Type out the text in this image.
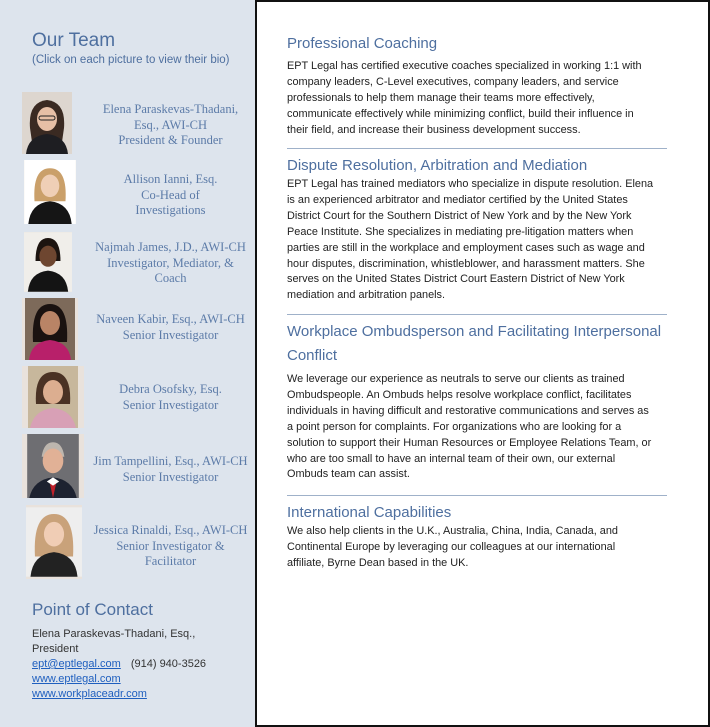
Our Team
(Click on each picture to view their bio)
Elena Paraskevas-Thadani,
Esq., AWI-CH
President & Founder
Allison Ianni, Esq.
Co-Head of
Investigations
Najmah James, J.D., AWI-CH
Investigator, Mediator, &
Coach
Naveen Kabir, Esq., AWI-CH
Senior Investigator
Debra Osofsky, Esq.
Senior Investigator
Jim Tampellini, Esq., AWI-CH
Senior Investigator
Jessica Rinaldi, Esq., AWI-CH
Senior Investigator &
Facilitator
Point of Contact
Elena Paraskevas-Thadani, Esq.,
President
ept@eptlegal.com (914) 940-3526
www.eptlegal.com
www.workplaceadr.com
Professional Coaching
EPT Legal has certified executive coaches specialized in working 1:1 with
company leaders, C-Level executives, company leaders, and service
professionals to help them manage their teams more effectively,
communicate effectively while minimizing conflict, build their influence in
their field, and increase their business development success.
Dispute Resolution, Arbitration and Mediation
EPT Legal has trained mediators who specialize in dispute resolution. Elena
is an experienced arbitrator and mediator certified by the United States
District Court for the Southern District of New York and by the New York
Peace Institute. She specializes in mediating pre-litigation matters when
parties are still in the workplace and employment cases such as wage and
hour disputes, discrimination, whistleblower, and harassment matters. She
serves on the United States District Court Eastern District of New York
mediation and arbitration panels.
Workplace Ombudsperson and Facilitating Interpersonal
Conflict
We leverage our experience as neutrals to serve our clients as trained
Ombudspeople. An Ombuds helps resolve workplace conflict, facilitates
individuals in having difficult and restorative communications and serves as
a point person for complaints. For organizations who are looking for a
solution to support their Human Resources or Employee Relations Team, or
who are too small to have an internal team of their own, our external
Ombuds team can assist.
International Capabilities
We also help clients in the U.K., Australia, China, India, Canada, and
Continental Europe by leveraging our colleagues at our international
affiliate, Byrne Dean based in the UK.
